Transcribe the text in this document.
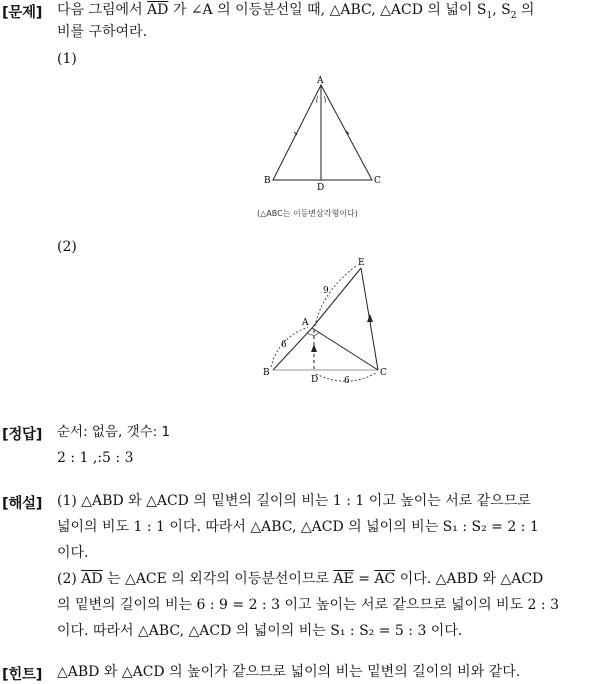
[문제] 다음 그림에서 $\overline{AD}$ 가 ∠A 의 이등분선일 때, △ABC, △ACD 의 넓이 $S_1$, $S_2$ 의
비를 구하여라.
(1)
A
B	C
D
(△ABC는 이등변삼각형이다)
(2)
E
A
B	C
D
9
6
6
[정답] 순서: 없음, 갯수: 1
2 : 1 ,:5 : 3
[해설] (1) △ABD 와 △ACD 의 밑변의 길이의 비는 1 : 1 이고 높이는 서로 같으므로
넓이의 비도 1 : 1 이다. 따라서 △ABC, △ACD 의 넓이의 비는 S₁ : S₂ = 2 : 1
이다.
(2) $\overline{AD}$ 는 △ACE 의 외각의 이등분선이므로 $\overline{AE} = \overline{AC}$ 이다. △ABD 와 △ACD
의 밑변의 길이의 비는 6 : 9 = 2 : 3 이고 높이는 서로 같으므로 넓이의 비도 2 : 3
이다. 따라서 △ABC, △ACD 의 넓이의 비는 S₁ : S₂ = 5 : 3 이다.
[힌트] △ABD 와 △ACD 의 높이가 같으므로 넓이의 비는 밑변의 길이의 비와 같다.
